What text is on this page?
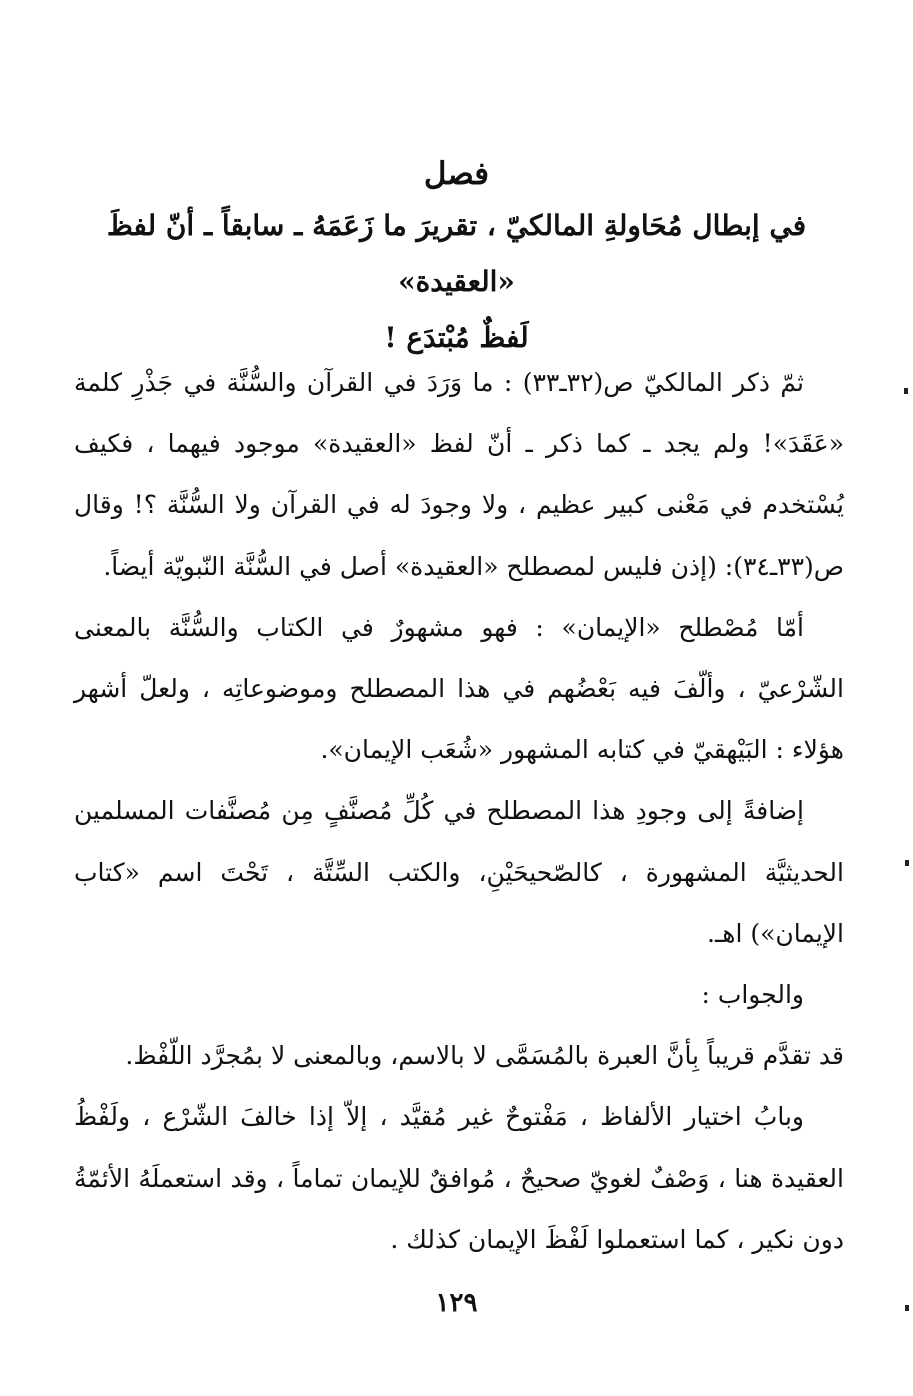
فصل

في إبطال مُحَاولةِ المالكيّ ، تقريرَ ما زَعَمَهُ ـ سابقاً ـ أنّ لفظَ «العقيدة»

لَفظٌ مُبْتدَع !

ثمّ ذكر المالكيّ ص(٣٢ـ٣٣) : ما وَرَدَ في القرآن والسُّنَّة في جَذْرِ كلمة «عَقَدَ»! ولم يجد ـ كما ذكر ـ أنّ لفظ «العقيدة» موجود فيهما ، فكيف يُسْتخدم في مَعْنى كبير عظيم ، ولا وجودَ له في القرآن ولا السُّنَّة ؟! وقال ص(٣٣ـ٣٤): (إذن فليس لمصطلح «العقيدة» أصل في السُّنَّة النّبويّة أيضاً.

أمّا مُصْطلح «الإيمان» : فهو مشهورٌ في الكتاب والسُّنَّة بالمعنى الشّرْعيّ ، وألّفَ فيه بَعْضُهم في هذا المصطلح وموضوعاتِه ، ولعلّ أشهر هؤلاء : البَيْهقيّ في كتابه المشهور «شُعَب الإيمان».

إضافةً إلى وجودِ هذا المصطلح في كُلِّ مُصنَّفٍ مِن مُصنَّفات المسلمين الحديثيَّة المشهورة ، كالصّحيحَيْنِ، والكتب السِّتَّة ، تَحْتَ اسم «كتاب الإيمان») اهـ.

والجواب :

قد تقدَّم قريباً بِأنَّ العبرة بالمُسَمَّى لا بالاسم، وبالمعنى لا بمُجرَّد اللّفْظ.

وبابُ اختيار الألفاظ ، مَفْتوحٌ غير مُقيَّد ، إلاّ إذا خالفَ الشّرْع ، ولَفْظُ العقيدة هنا ، وَصْفٌ لغويّ صحيحٌ ، مُوافقٌ للإيمان تماماً ، وقد استعملَهُ الأئمّةُ دون نكير ، كما استعملوا لَفْظَ الإيمان كذلك .

١٢٩
